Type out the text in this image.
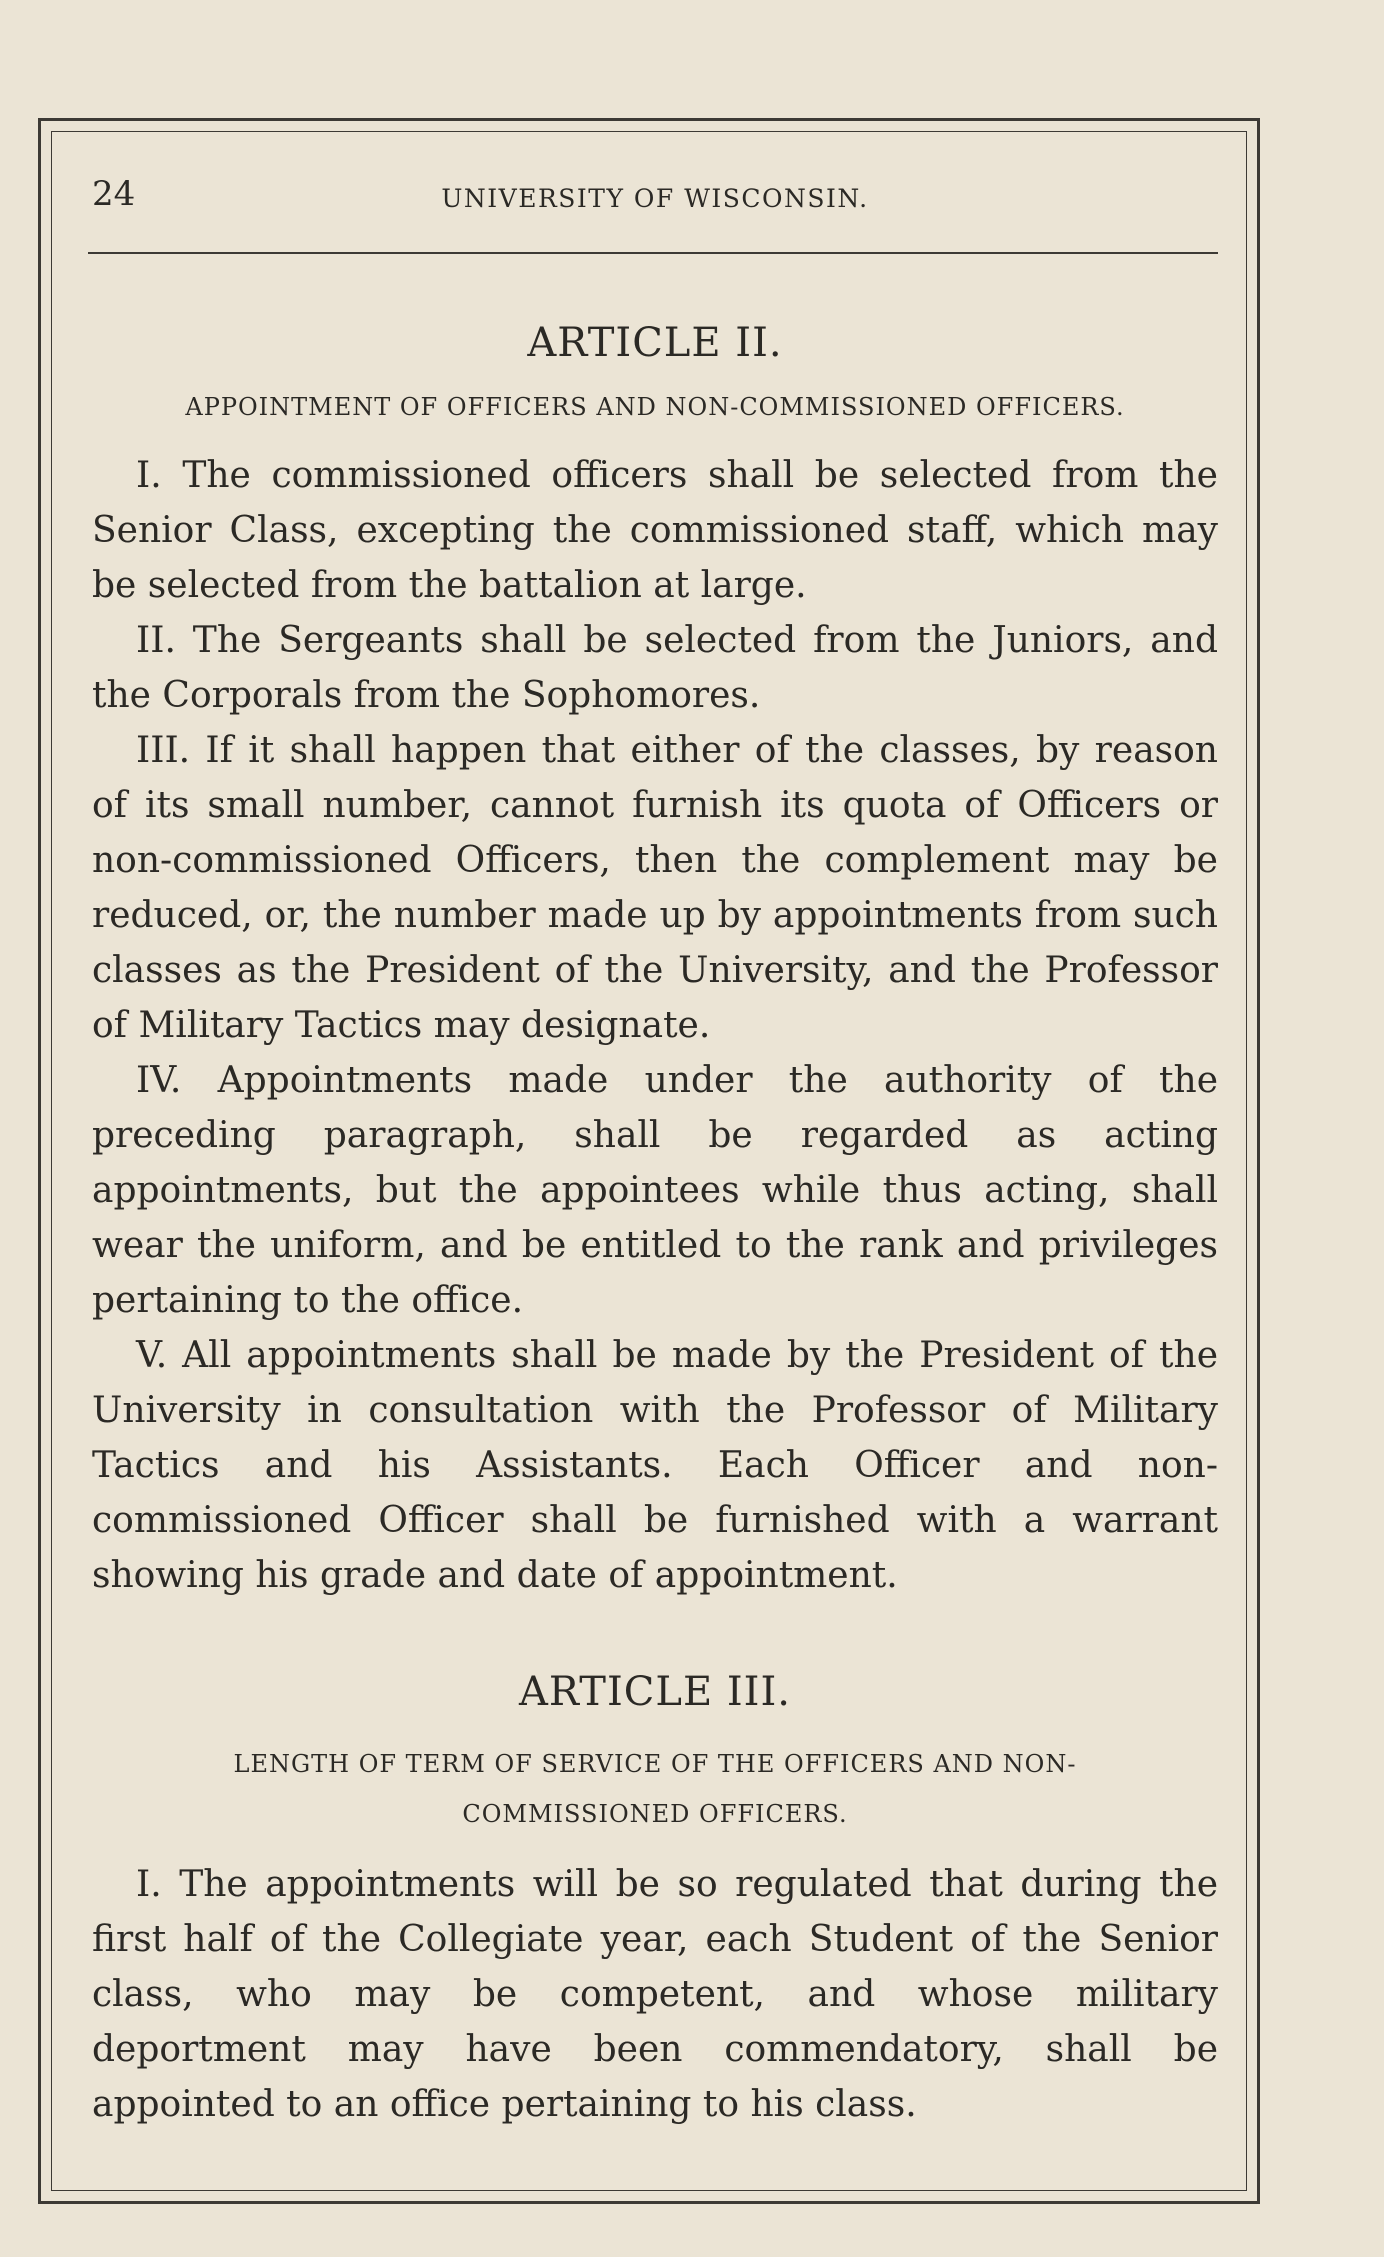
24	UNIVERSITY OF WISCONSIN.
ARTICLE II.
APPOINTMENT OF OFFICERS AND NON-COMMISSIONED OFFICERS.

I. The commissioned officers shall be selected from the Senior Class, excepting the commissioned staff, which may be selected from the battalion at large.

II. The Sergeants shall be selected from the Juniors, and the Corporals from the Sophomores.

III. If it shall happen that either of the classes, by reason of its small number, cannot furnish its quota of Officers or non-commissioned Officers, then the complement may be reduced, or, the number made up by appointments from such classes as the President of the University, and the Professor of Military Tactics may designate.

IV. Appointments made under the authority of the preceding paragraph, shall be regarded as acting appointments, but the appointees while thus acting, shall wear the uniform, and be entitled to the rank and privileges pertaining to the office.

V. All appointments shall be made by the President of the University in consultation with the Professor of Military Tactics and his Assistants. Each Officer and non-commissioned Officer shall be furnished with a warrant showing his grade and date of appointment.

ARTICLE III.
LENGTH OF TERM OF SERVICE OF THE OFFICERS AND NON-
COMMISSIONED OFFICERS.

I. The appointments will be so regulated that during the first half of the Collegiate year, each Student of the Senior class, who may be competent, and whose military deportment may have been commendatory, shall be appointed to an office pertaining to his class.
